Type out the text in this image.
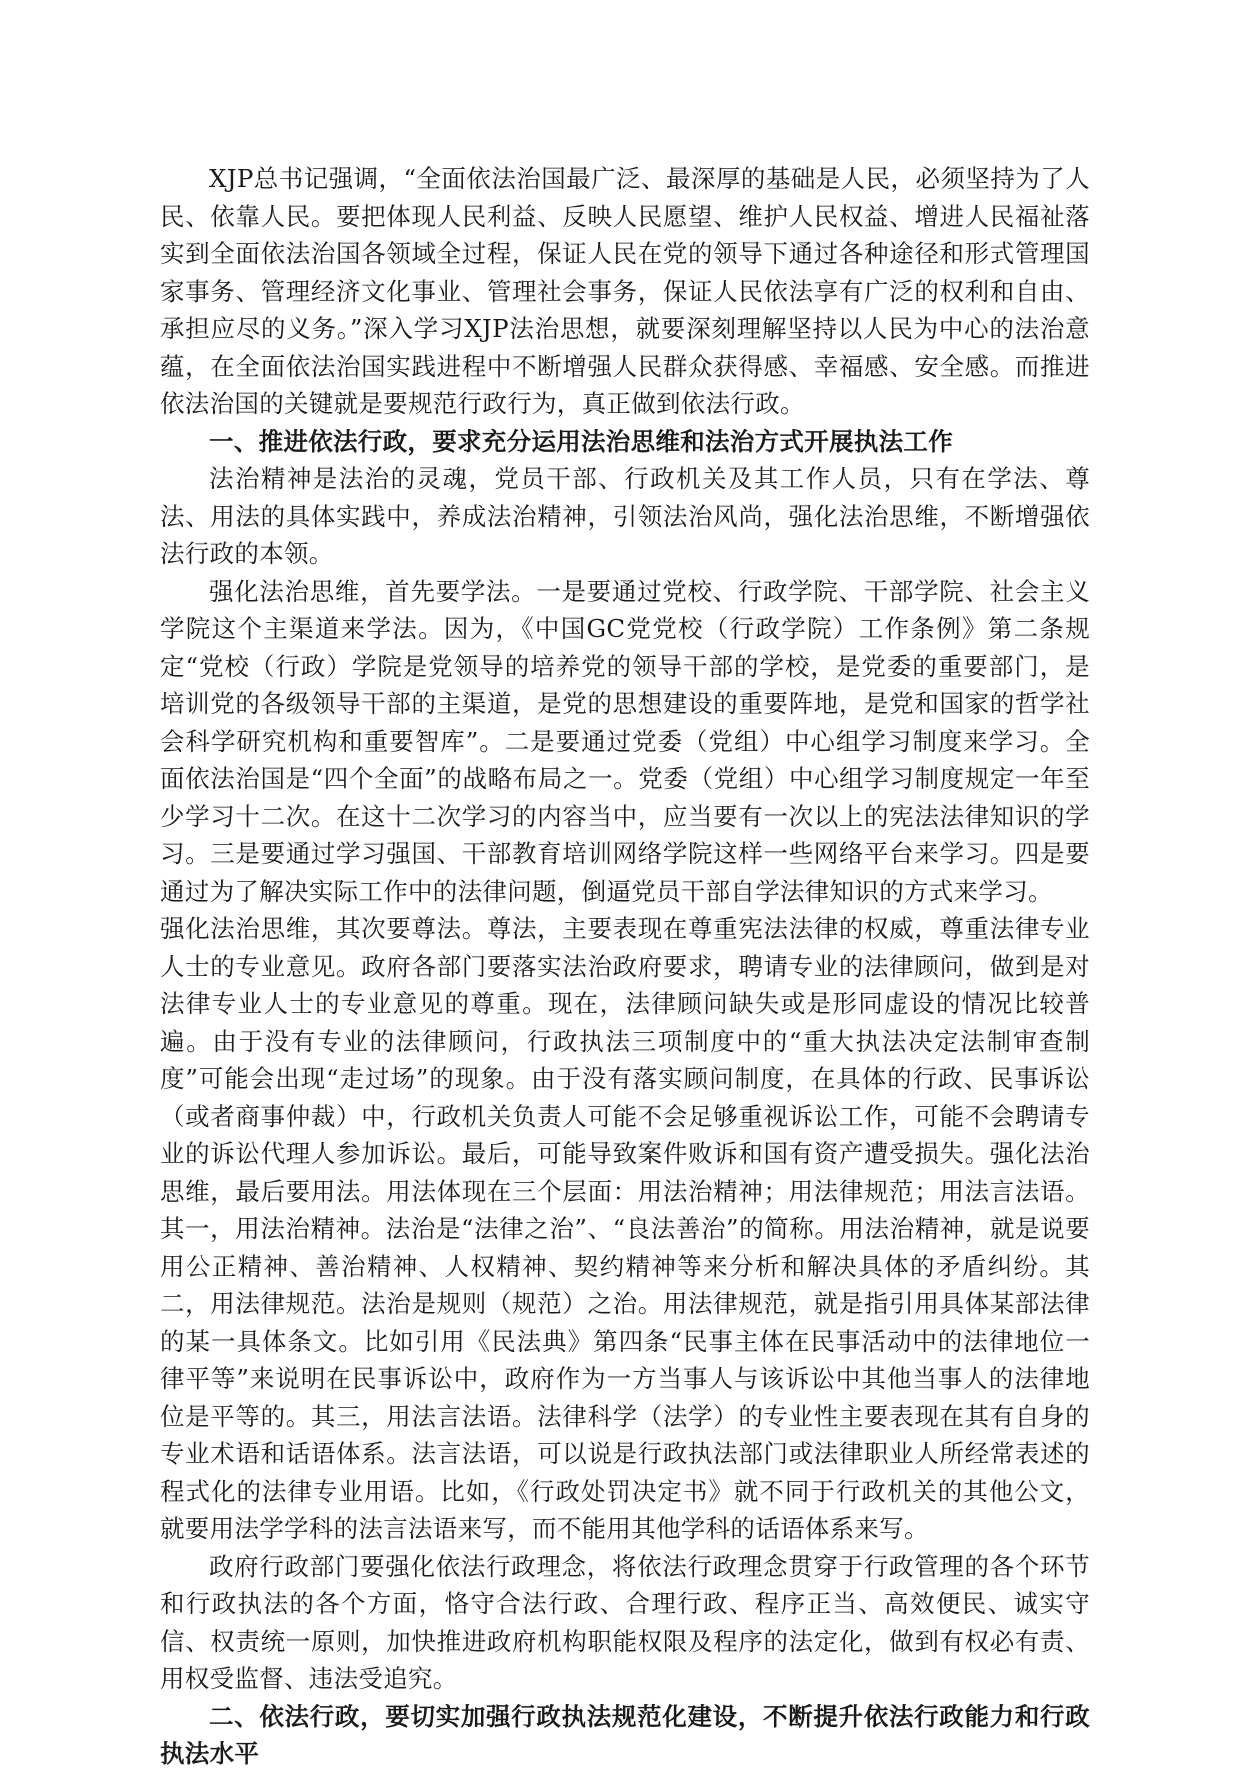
XJP总书记强调，“全面依法治国最广泛、最深厚的基础是人民，必须坚持为了人民、依靠人民。要把体现人民利益、反映人民愿望、维护人民权益、增进人民福祉落实到全面依法治国各领域全过程，保证人民在党的领导下通过各种途径和形式管理国家事务、管理经济文化事业、管理社会事务，保证人民依法享有广泛的权利和自由、承担应尽的义务。”深入学习XJP法治思想，就要深刻理解坚持以人民为中心的法治意蕴，在全面依法治国实践进程中不断增强人民群众获得感、幸福感、安全感。而推进依法治国的关键就是要规范行政行为，真正做到依法行政。

一、推进依法行政，要求充分运用法治思维和法治方式开展执法工作

法治精神是法治的灵魂，党员干部、行政机关及其工作人员，只有在学法、尊法、用法的具体实践中，养成法治精神，引领法治风尚，强化法治思维，不断增强依法行政的本领。

强化法治思维，首先要学法。一是要通过党校、行政学院、干部学院、社会主义学院这个主渠道来学法。因为，《中国GC党党校（行政学院）工作条例》第二条规定“党校（行政）学院是党领导的培养党的领导干部的学校，是党委的重要部门，是培训党的各级领导干部的主渠道，是党的思想建设的重要阵地，是党和国家的哲学社会科学研究机构和重要智库”。二是要通过党委（党组）中心组学习制度来学习。全面依法治国是“四个全面”的战略布局之一。党委（党组）中心组学习制度规定一年至少学习十二次。在这十二次学习的内容当中，应当要有一次以上的宪法法律知识的学习。三是要通过学习强国、干部教育培训网络学院这样一些网络平台来学习。四是要通过为了解决实际工作中的法律问题，倒逼党员干部自学法律知识的方式来学习。

强化法治思维，其次要尊法。尊法，主要表现在尊重宪法法律的权威，尊重法律专业人士的专业意见。政府各部门要落实法治政府要求，聘请专业的法律顾问，做到是对法律专业人士的专业意见的尊重。现在，法律顾问缺失或是形同虚设的情况比较普遍。由于没有专业的法律顾问，行政执法三项制度中的“重大执法决定法制审查制度”可能会出现“走过场”的现象。由于没有落实顾问制度，在具体的行政、民事诉讼（或者商事仲裁）中，行政机关负责人可能不会足够重视诉讼工作，可能不会聘请专业的诉讼代理人参加诉讼。最后，可能导致案件败诉和国有资产遭受损失。强化法治思维，最后要用法。用法体现在三个层面：用法治精神；用法律规范；用法言法语。其一，用法治精神。法治是“法律之治”、“良法善治”的简称。用法治精神，就是说要用公正精神、善治精神、人权精神、契约精神等来分析和解决具体的矛盾纠纷。其二，用法律规范。法治是规则（规范）之治。用法律规范，就是指引用具体某部法律的某一具体条文。比如引用《民法典》第四条“民事主体在民事活动中的法律地位一律平等”来说明在民事诉讼中，政府作为一方当事人与该诉讼中其他当事人的法律地位是平等的。其三，用法言法语。法律科学（法学）的专业性主要表现在其有自身的专业术语和话语体系。法言法语，可以说是行政执法部门或法律职业人所经常表述的程式化的法律专业用语。比如，《行政处罚决定书》就不同于行政机关的其他公文，就要用法学学科的法言法语来写，而不能用其他学科的话语体系来写。

政府行政部门要强化依法行政理念，将依法行政理念贯穿于行政管理的各个环节和行政执法的各个方面，恪守合法行政、合理行政、程序正当、高效便民、诚实守信、权责统一原则，加快推进政府机构职能权限及程序的法定化，做到有权必有责、用权受监督、违法受追究。

二、依法行政，要切实加强行政执法规范化建设，不断提升依法行政能力和行政执法水平
